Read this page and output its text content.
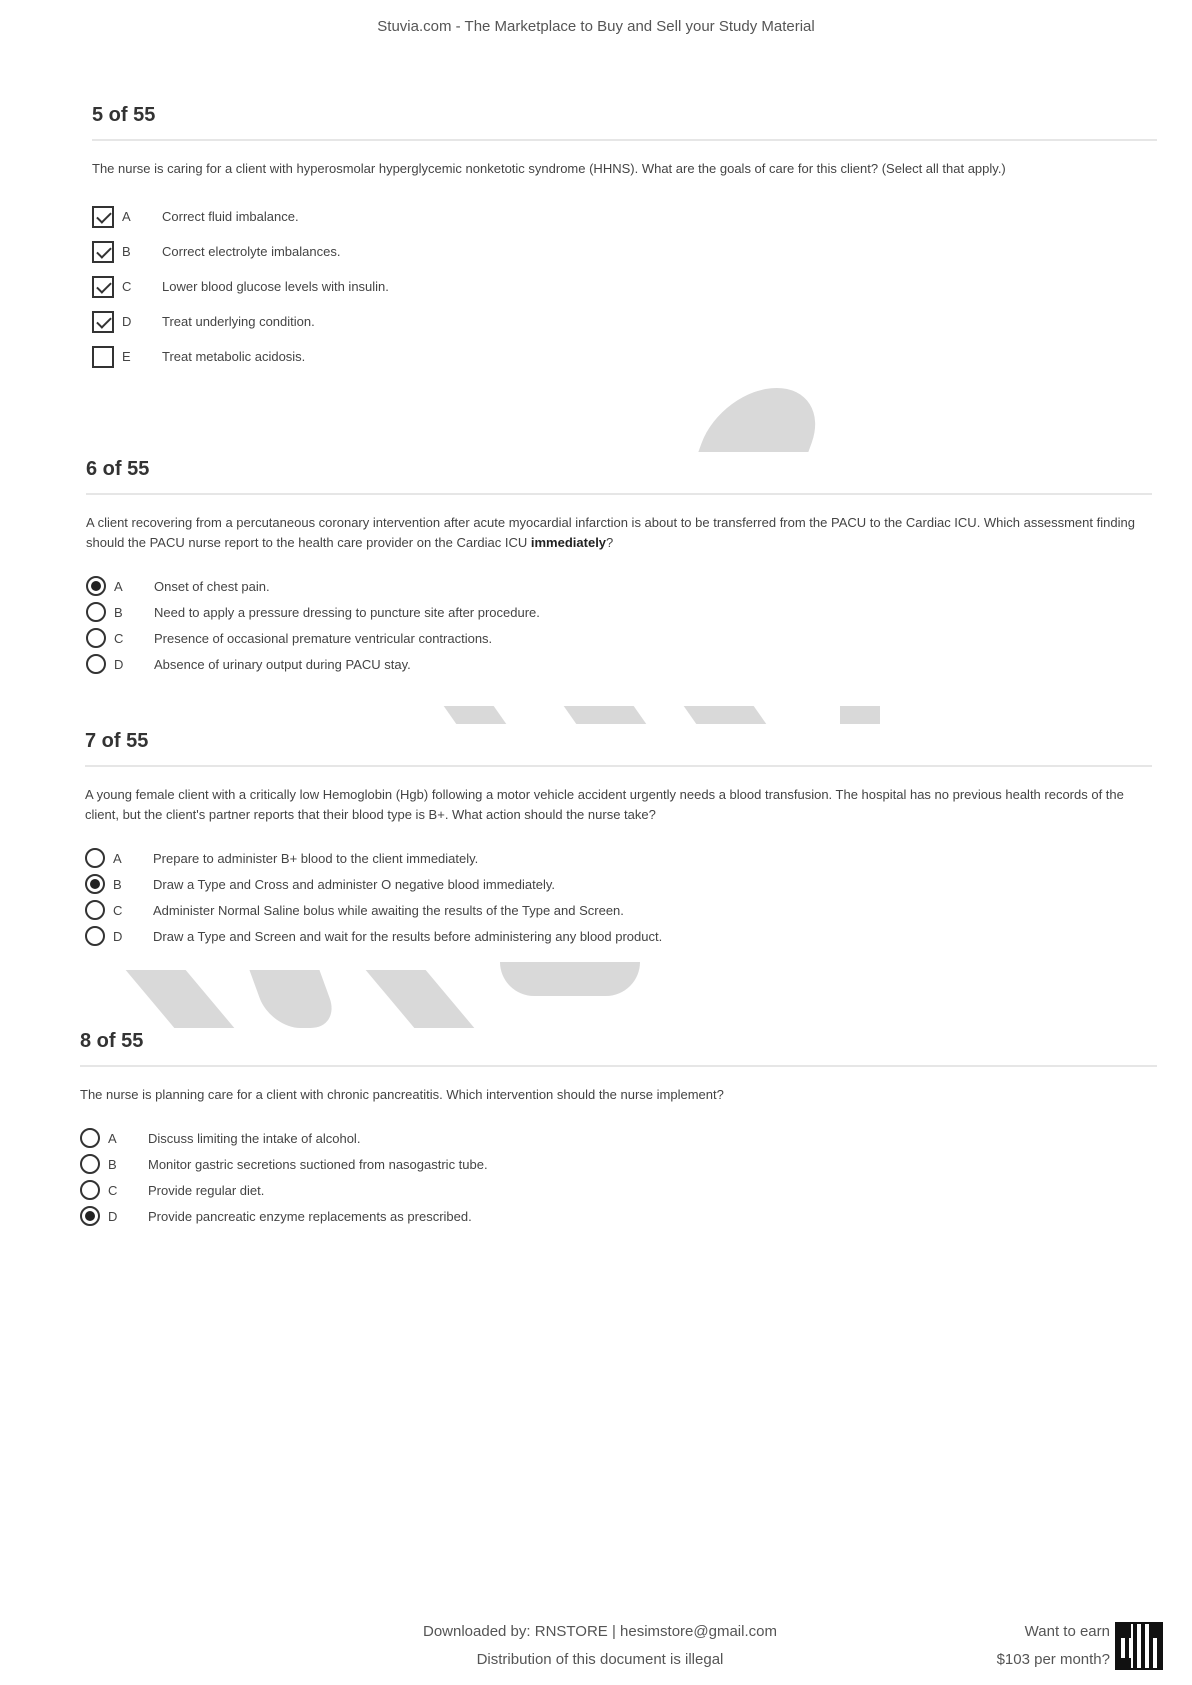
Stuvia.com - The Marketplace to Buy and Sell your Study Material
5 of 55
The nurse is caring for a client with hyperosmolar hyperglycemic nonketotic syndrome (HHNS). What are the goals of care for this client? (Select all that apply.)
A	Correct fluid imbalance.
B	Correct electrolyte imbalances.
C	Lower blood glucose levels with insulin.
D	Treat underlying condition.
E	Treat metabolic acidosis.
6 of 55
A client recovering from a percutaneous coronary intervention after acute myocardial infarction is about to be transferred from the PACU to the Cardiac ICU. Which assessment finding should the PACU nurse report to the health care provider on the Cardiac ICU immediately?
A	Onset of chest pain.
B	Need to apply a pressure dressing to puncture site after procedure.
C	Presence of occasional premature ventricular contractions.
D	Absence of urinary output during PACU stay.
7 of 55
A young female client with a critically low Hemoglobin (Hgb) following a motor vehicle accident urgently needs a blood transfusion. The hospital has no previous health records of the client, but the client's partner reports that their blood type is B+. What action should the nurse take?
A	Prepare to administer B+ blood to the client immediately.
B	Draw a Type and Cross and administer O negative blood immediately.
C	Administer Normal Saline bolus while awaiting the results of the Type and Screen.
D	Draw a Type and Screen and wait for the results before administering any blood product.
8 of 55
The nurse is planning care for a client with chronic pancreatitis. Which intervention should the nurse implement?
A	Discuss limiting the intake of alcohol.
B	Monitor gastric secretions suctioned from nasogastric tube.
C	Provide regular diet.
D	Provide pancreatic enzyme replacements as prescribed.
Downloaded by: RNSTORE | hesimstore@gmail.com
Distribution of this document is illegal
Want to earn
$103 per month?
